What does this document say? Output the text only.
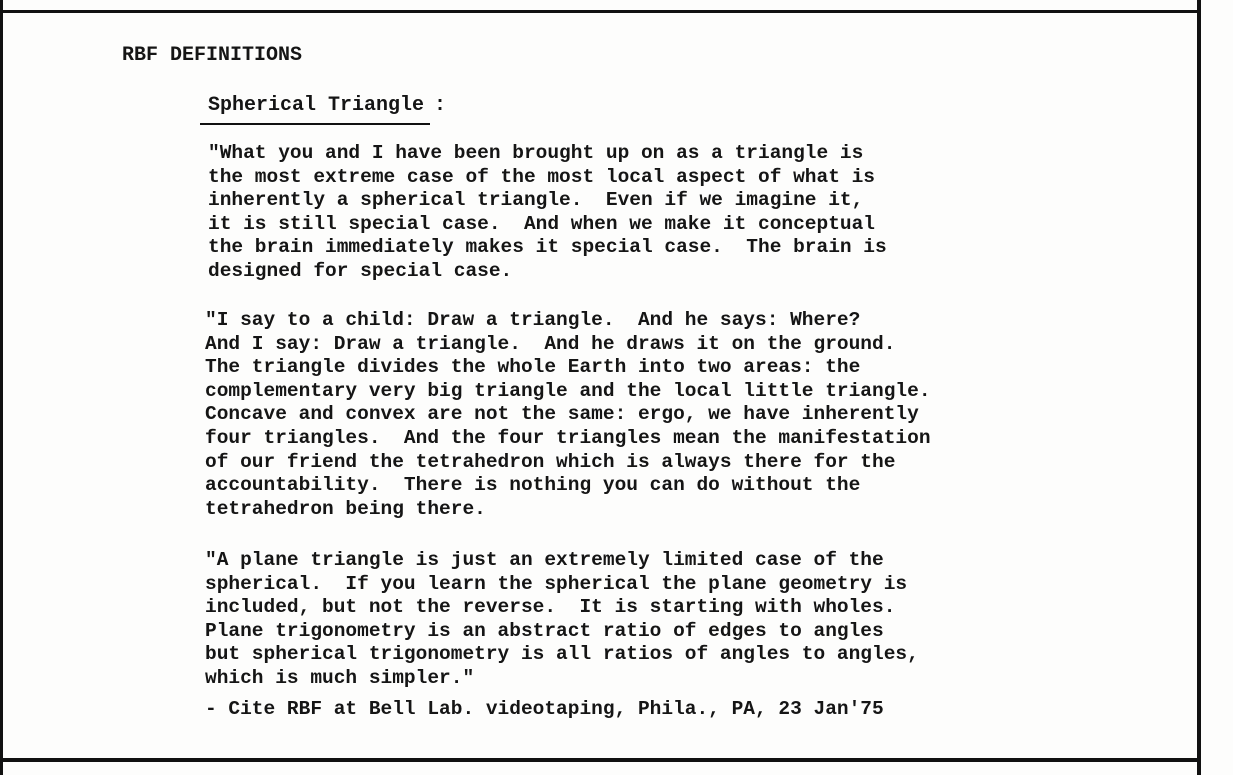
RBF DEFINITIONS
Spherical Triangle :
"What you and I have been brought up on as a triangle is
the most extreme case of the most local aspect of what is
inherently a spherical triangle.  Even if we imagine it,
it is still special case.  And when we make it conceptual
the brain immediately makes it special case.  The brain is
designed for special case.
"I say to a child: Draw a triangle.  And he says: Where?
And I say: Draw a triangle.  And he draws it on the ground.
The triangle divides the whole Earth into two areas: the
complementary very big triangle and the local little triangle.
Concave and convex are not the same: ergo, we have inherently
four triangles.  And the four triangles mean the manifestation
of our friend the tetrahedron which is always there for the
accountability.  There is nothing you can do without the
tetrahedron being there.
"A plane triangle is just an extremely limited case of the
spherical.  If you learn the spherical the plane geometry is
included, but not the reverse.  It is starting with wholes.
Plane trigonometry is an abstract ratio of edges to angles
but spherical trigonometry is all ratios of angles to angles,
which is much simpler."
- Cite RBF at Bell Lab. videotaping, Phila., PA, 23 Jan'75
